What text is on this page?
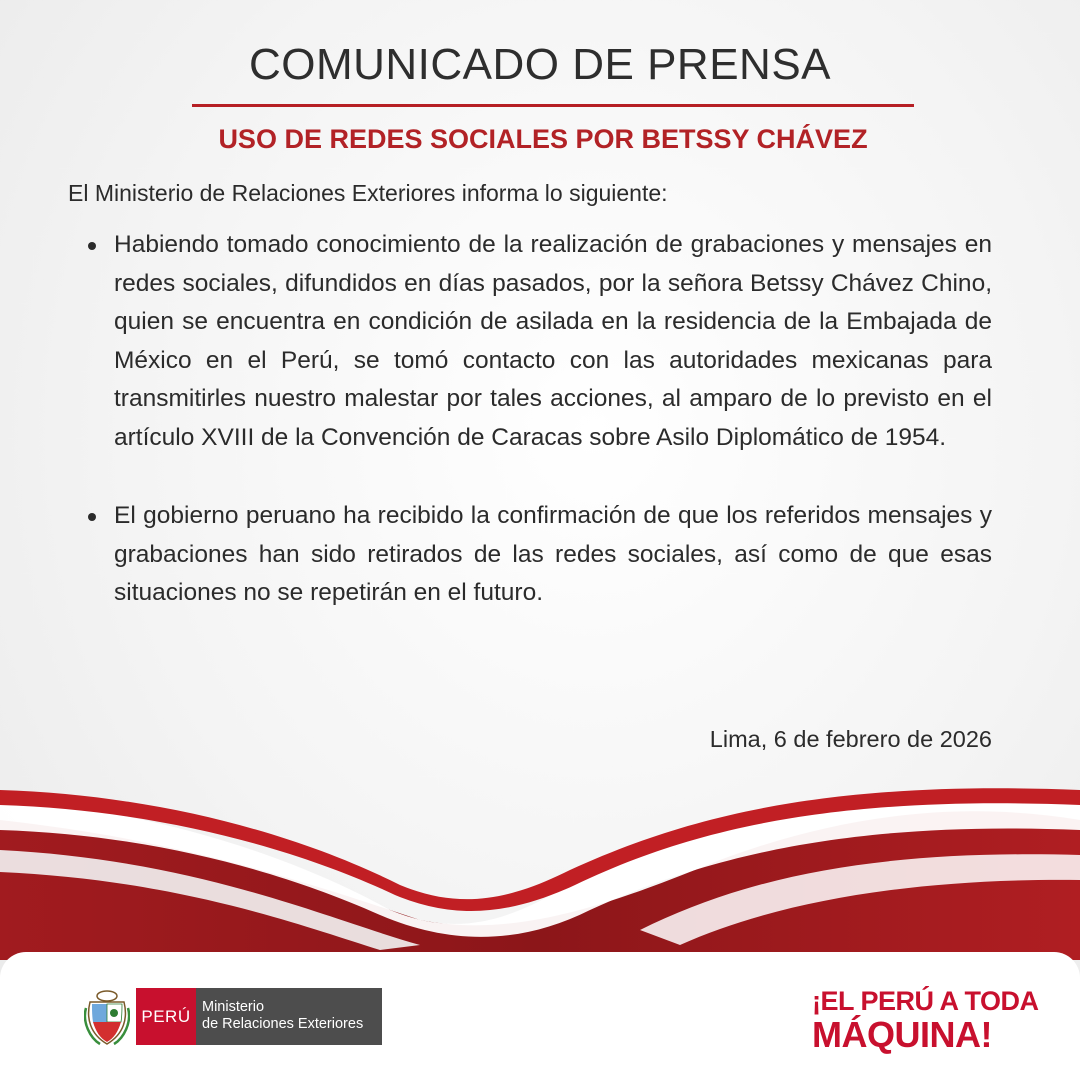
COMUNICADO DE PRENSA
USO DE REDES SOCIALES POR BETSSY CHÁVEZ
El Ministerio de Relaciones Exteriores informa lo siguiente:
Habiendo tomado conocimiento de la realización de grabaciones y mensajes en redes sociales, difundidos en días pasados, por la señora Betssy Chávez Chino, quien se encuentra en condición de asilada en la residencia de la Embajada de México en el Perú, se tomó contacto con las autoridades mexicanas para transmitirles nuestro malestar por tales acciones, al amparo de lo previsto en el artículo XVIII de la Convención de Caracas sobre Asilo Diplomático de 1954.
El gobierno peruano ha recibido la confirmación de que los referidos mensajes y grabaciones han sido retirados de las redes sociales, así como de que esas situaciones no se repetirán en el futuro.
Lima, 6 de febrero de 2026
PERÚ Ministerio
de Relaciones Exteriores
¡EL PERÚ A TODA
MÁQUINA!
